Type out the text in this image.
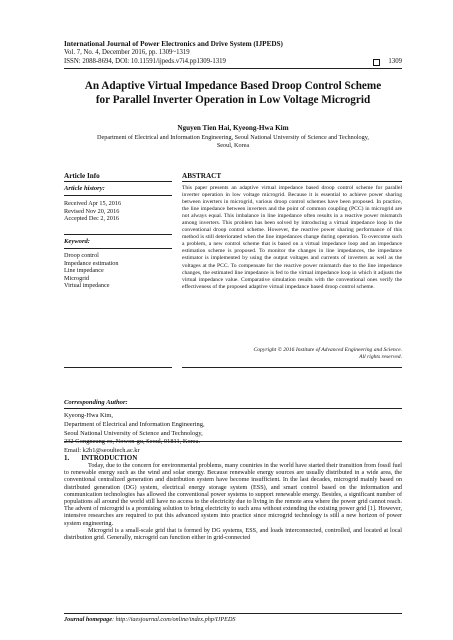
International Journal of Power Electronics and Drive System (IJPEDS)
Vol. 7, No. 4, December 2016, pp. 1309~1319
ISSN: 2088-8694, DOI: 10.11591/ijpeds.v7i4.pp1309-1319	1309
An Adaptive Virtual Impedance Based Droop Control Scheme
for Parallel Inverter Operation in Low Voltage Microgrid
Nguyen Tien Hai, Kyeong-Hwa Kim
Department of Electrical and Information Engineering, Seoul National University of Science and Technology,
Seoul, Korea
Article Info	ABSTRACT
Article history:
Received Apr 15, 2016
Revised Nov 20, 2016
Accepted Dec 2, 2016
Keyword:
Droop control
Impedance estimation
Line impedance
Microgrid
Virtual impedance
This paper presents an adaptive virtual impedance based droop control scheme for parallel inverter operation in low voltage microgrid. Because it is essential to achieve power sharing between inverters in microgrid, various droop control schemes have been proposed. In practice, the line impedance between inverters and the point of common coupling (PCC) in microgrid are not always equal. This imbalance in line impedance often results in a reactive power mismatch among inverters. This problem has been solved by introducing a virtual impedance loop in the conventional droop control scheme. However, the reactive power sharing performance of this method is still deteriorated when the line impedances change during operation. To overcome such a problem, a new control scheme that is based on a virtual impedance loop and an impedance estimation scheme is proposed. To monitor the changes in line impedances, the impedance estimator is implemented by using the output voltages and currents of inverters as well as the voltages at the PCC. To compensate for the reactive power mismatch due to the line impedance changes, the estimated line impedance is fed to the virtual impedance loop in which it adjusts the virtual impedance value. Comparative simulation results with the conventional ones verify the effectiveness of the proposed adaptive virtual impedance based droop control scheme.
Copyright © 2016 Institute of Advanced Engineering and Science.
All rights reserved.
Corresponding Author:
Kyeong-Hwa Kim,
Department of Electrical and Information Engineering,
Seoul National University of Science and Technology,
232 Gongneung-ro, Nowon-gu, Seoul, 01811, Korea.
Email: k2h1@seoultech.ac.kr
1. INTRODUCTION

Today, due to the concern for environmental problems, many countries in the world have started their transition from fossil fuel to renewable energy such as the wind and solar energy. Because renewable energy sources are usually distributed in a wide area, the conventional centralized generation and distribution system have become insufficient. In the last decades, microgrid mainly based on distributed generation (DG) system, electrical energy storage system (ESS), and smart control based on the information and communication technologies has allowed the conventional power systems to support renewable energy. Besides, a significant number of populations all around the world still have no access to the electricity due to living in the remote area where the power grid cannot reach. The advent of microgrid is a promising solution to bring electricity to such area without extending the existing power grid [1]. However, intensive researches are required to put this advanced system into practice since microgrid technology is still a new horizon of power system engineering.

Microgrid is a small-scale grid that is formed by DG systems, ESS, and loads interconnected, controlled, and located at local distribution grid. Generally, microgrid can function either in grid-connected

Journal homepage: http://iaesjournal.com/online/index.php/IJPEDS
